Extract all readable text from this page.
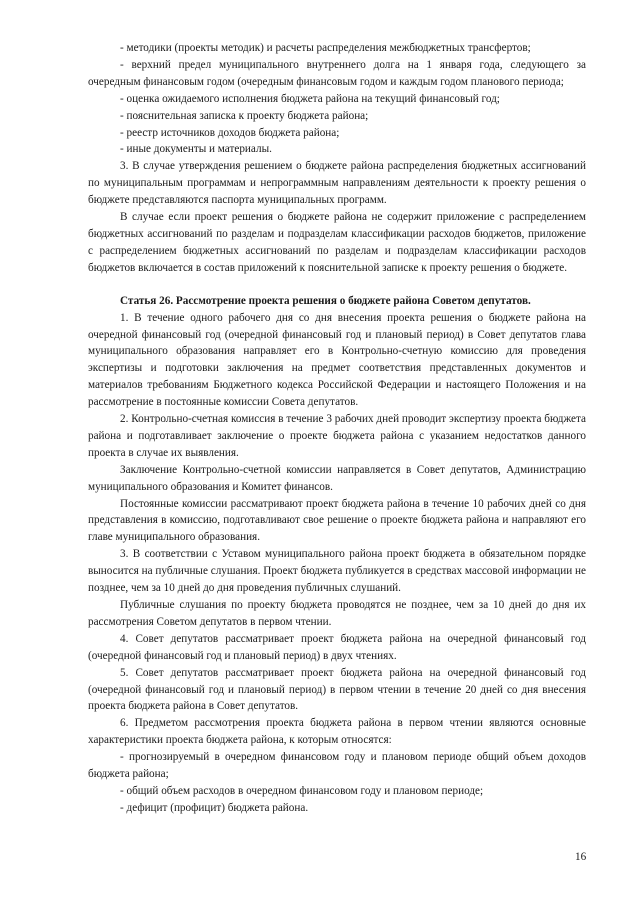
- методики (проекты методик) и расчеты распределения межбюджетных трансфертов;

- верхний предел муниципального внутреннего долга на 1 января года, следующего за очередным финансовым годом (очередным финансовым годом и каждым годом планового периода;

- оценка ожидаемого исполнения бюджета района на текущий финансовый год;

- пояснительная записка к проекту бюджета района;

- реестр источников доходов бюджета района;

- иные документы и материалы.

3. В случае утверждения решением о бюджете района распределения бюджетных ассигнований по муниципальным программам и непрограммным направлениям деятельности к проекту решения о бюджете представляются паспорта муниципальных программ.

В случае если проект решения о бюджете района не содержит приложение с распределением бюджетных ассигнований по разделам и подразделам классификации расходов бюджетов, приложение с распределением бюджетных ассигнований по разделам и подразделам классификации расходов бюджетов включается в состав приложений к пояснительной записке к проекту решения о бюджете.

Статья 26. Рассмотрение проекта решения о бюджете района Советом депутатов.

1. В течение одного рабочего дня со дня внесения проекта решения о бюджете района на очередной финансовый год (очередной финансовый год и плановый период) в Совет депутатов глава муниципального образования направляет его в Контрольно-счетную комиссию для проведения экспертизы и подготовки заключения на предмет соответствия представленных документов и материалов требованиям Бюджетного кодекса Российской Федерации и настоящего Положения и на рассмотрение в постоянные комиссии Совета депутатов.

2. Контрольно-счетная комиссия в течение 3 рабочих дней проводит экспертизу проекта бюджета района и подготавливает заключение о проекте бюджета района с указанием недостатков данного проекта в случае их выявления.

Заключение Контрольно-счетной комиссии направляется в Совет депутатов, Администрацию муниципального образования и Комитет финансов.

Постоянные комиссии рассматривают проект бюджета района в течение 10 рабочих дней со дня представления в комиссию, подготавливают свое решение о проекте бюджета района и направляют его главе муниципального образования.

3. В соответствии с Уставом муниципального района проект бюджета в обязательном порядке выносится на публичные слушания. Проект бюджета публикуется в средствах массовой информации не позднее, чем за 10 дней до дня проведения публичных слушаний.

Публичные слушания по проекту бюджета проводятся не позднее, чем за 10 дней до дня их рассмотрения Советом депутатов в первом чтении.

4. Совет депутатов рассматривает проект бюджета района на очередной финансовый год (очередной финансовый год и плановый период) в двух чтениях.

5. Совет депутатов рассматривает проект бюджета района на очередной финансовый год (очередной финансовый год и плановый период) в первом чтении в течение 20 дней со дня внесения проекта бюджета района в Совет депутатов.

6. Предметом рассмотрения проекта бюджета района в первом чтении являются основные характеристики проекта бюджета района, к которым относятся:

- прогнозируемый в очередном финансовом году и плановом периоде общий объем доходов бюджета района;

- общий объем расходов в очередном финансовом году и плановом периоде;

- дефицит (профицит) бюджета района.

16
